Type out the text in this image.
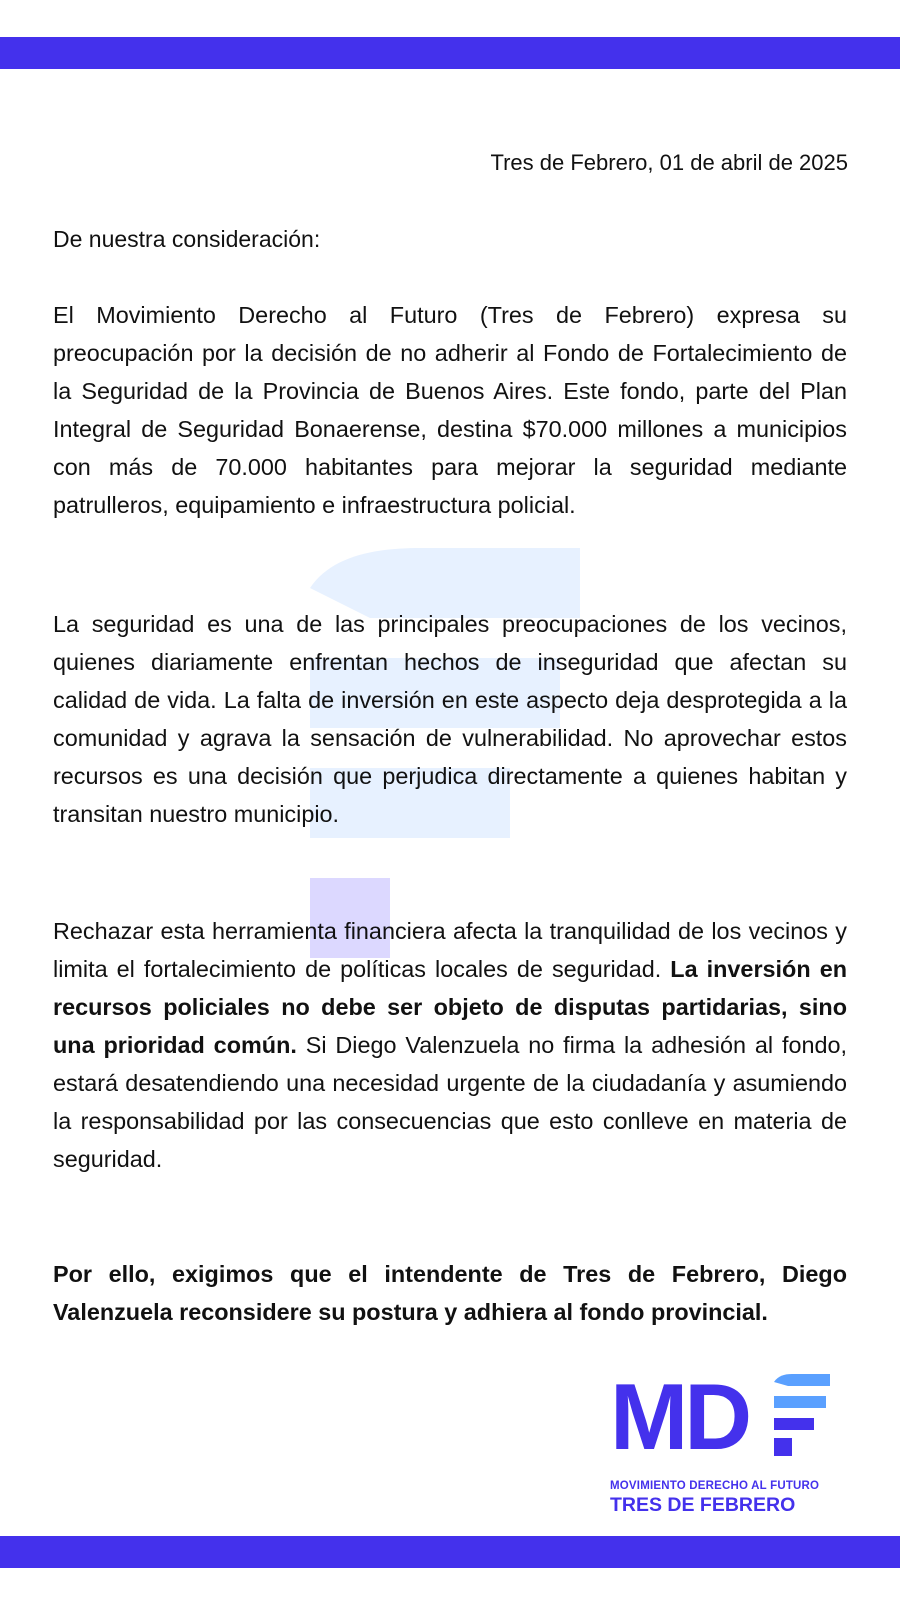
Tres de Febrero, 01 de abril de 2025
De nuestra consideración:

El Movimiento Derecho al Futuro (Tres de Febrero) expresa su preocupación por la decisión de no adherir al Fondo de Fortalecimiento de la Seguridad de la Provincia de Buenos Aires. Este fondo, parte del Plan Integral de Seguridad Bonaerense, destina $70.000 millones a municipios con más de 70.000 habitantes para mejorar la seguridad mediante patrulleros, equipamiento e infraestructura policial.

La seguridad es una de las principales preocupaciones de los vecinos, quienes diariamente enfrentan hechos de inseguridad que afectan su calidad de vida. La falta de inversión en este aspecto deja desprotegida a la comunidad y agrava la sensación de vulnerabilidad. No aprovechar estos recursos es una decisión que perjudica directamente a quienes habitan y transitan nuestro municipio.

Rechazar esta herramienta financiera afecta la tranquilidad de los vecinos y limita el fortalecimiento de políticas locales de seguridad. La inversión en recursos policiales no debe ser objeto de disputas partidarias, sino una prioridad común. Si Diego Valenzuela no firma la adhesión al fondo, estará desatendiendo una necesidad urgente de la ciudadanía y asumiendo la responsabilidad por las consecuencias que esto conlleve en materia de seguridad.

Por ello, exigimos que el intendente de Tres de Febrero, Diego Valenzuela reconsidere su postura y adhiera al fondo provincial.

MD
MOVIMIENTO DERECHO AL FUTURO
TRES DE FEBRERO
